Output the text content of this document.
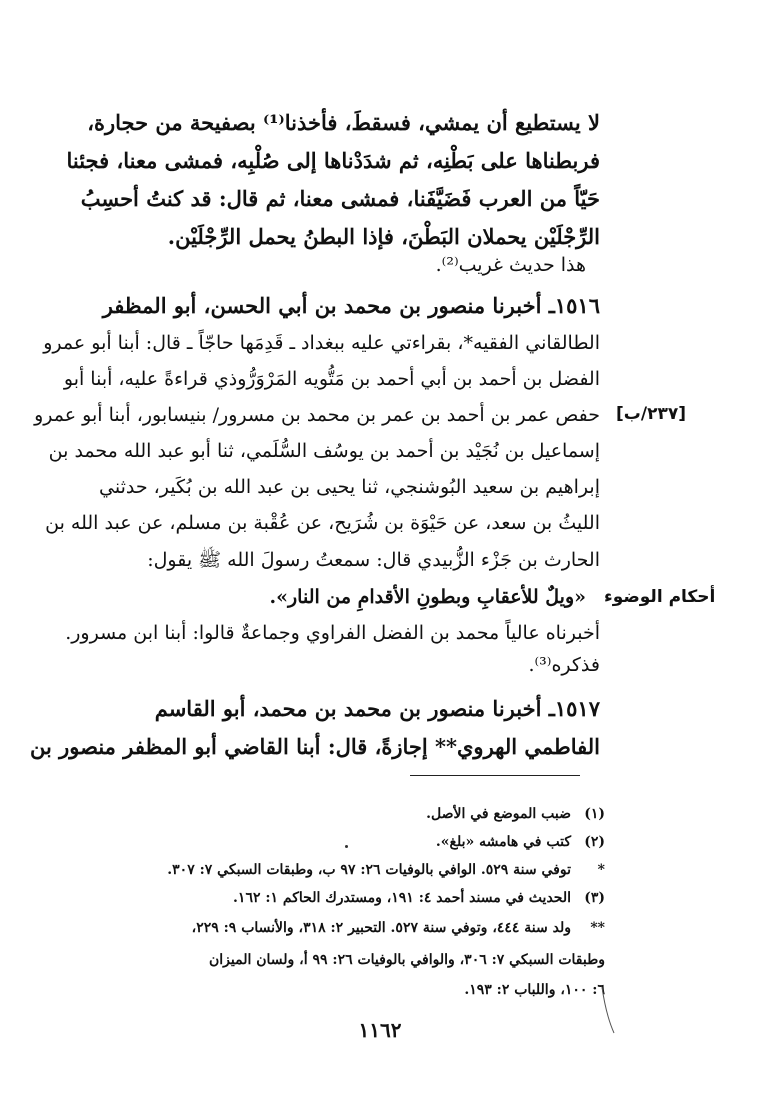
لا يستطيع أن يمشي، فسقطَ، فأخذنا⁽¹⁾ بصفيحة من حجارة،
فربطناها على بَطْنِه، ثم شدَدْناها إلى صُلْبِه، فمشى معنا، فجئنا
حَيّاً من العرب فَضَيَّفَنا، فمشى معنا، ثم قال: قد كنتُ أحسِبُ
الرِّجْلَيْن يحملان البَطْنَ، فإذا البطنُ يحمل الرِّجْلَيْن.
هذا حديث غريب⁽²⁾.
١٥١٦ـ أخبرنا منصور بن محمد بن أبي الحسن، أبو المظفر
الطالقاني الفقيه*، بقراءتي عليه ببغداد ـ قَدِمَها حاجّاً ـ قال: أبنا أبو عمرو
الفضل بن أحمد بن أبي أحمد بن مَتُّويه المَرْوَرُّوذي قراءةً عليه، أبنا أبو
حفص عمر بن أحمد بن عمر بن محمد بن مسرور/ بنيسابور، أبنا أبو عمرو
إسماعيل بن نُجَيْد بن أحمد بن يوسُف السُّلَمي، ثنا أبو عبد الله محمد بن
إبراهيم بن سعيد البُوشنجي، ثنا يحيى بن عبد الله بن بُكَير، حدثني
الليثُ بن سعد، عن حَيْوَة بن شُرَيح، عن عُقْبة بن مسلم، عن عبد الله بن
الحارث بن جَزْء الزُّبيدي قال: سمعتُ رسولَ الله ﷺ يقول:
«ويلٌ للأعقابِ وبطونِ الأقدامِ من النار».
أخبرناه عالياً محمد بن الفضل الفراوي وجماعةٌ قالوا: أبنا ابن مسرور.
فذكره⁽³⁾.
١٥١٧ـ أخبرنا منصور بن محمد بن محمد، أبو القاسم
الفاطمي الهروي** إجازةً، قال: أبنا القاضي أبو المظفر منصور بن
[٢٣٧/ب]
أحكام الوضوء
(١)ضبب الموضع في الأصل.
(٢)كتب في هامشه «بلغ».
*توفي سنة ٥٢٩. الوافي بالوفيات ٢٦: ٩٧ ب، وطبقات السبكي ٧: ٣٠٧.
(٣)الحديث في مسند أحمد ٤: ١٩١، ومستدرك الحاكم ١: ١٦٢.
**ولد سنة ٤٤٤، وتوفي سنة ٥٢٧. التحبير ٢: ٣١٨، والأنساب ٩: ٢٢٩،
وطبقات السبكي ٧: ٣٠٦، والوافي بالوفيات ٢٦: ٩٩ أ، ولسان الميزان
٦: ١٠٠، واللباب ٢: ١٩٣.
١١٦٢
